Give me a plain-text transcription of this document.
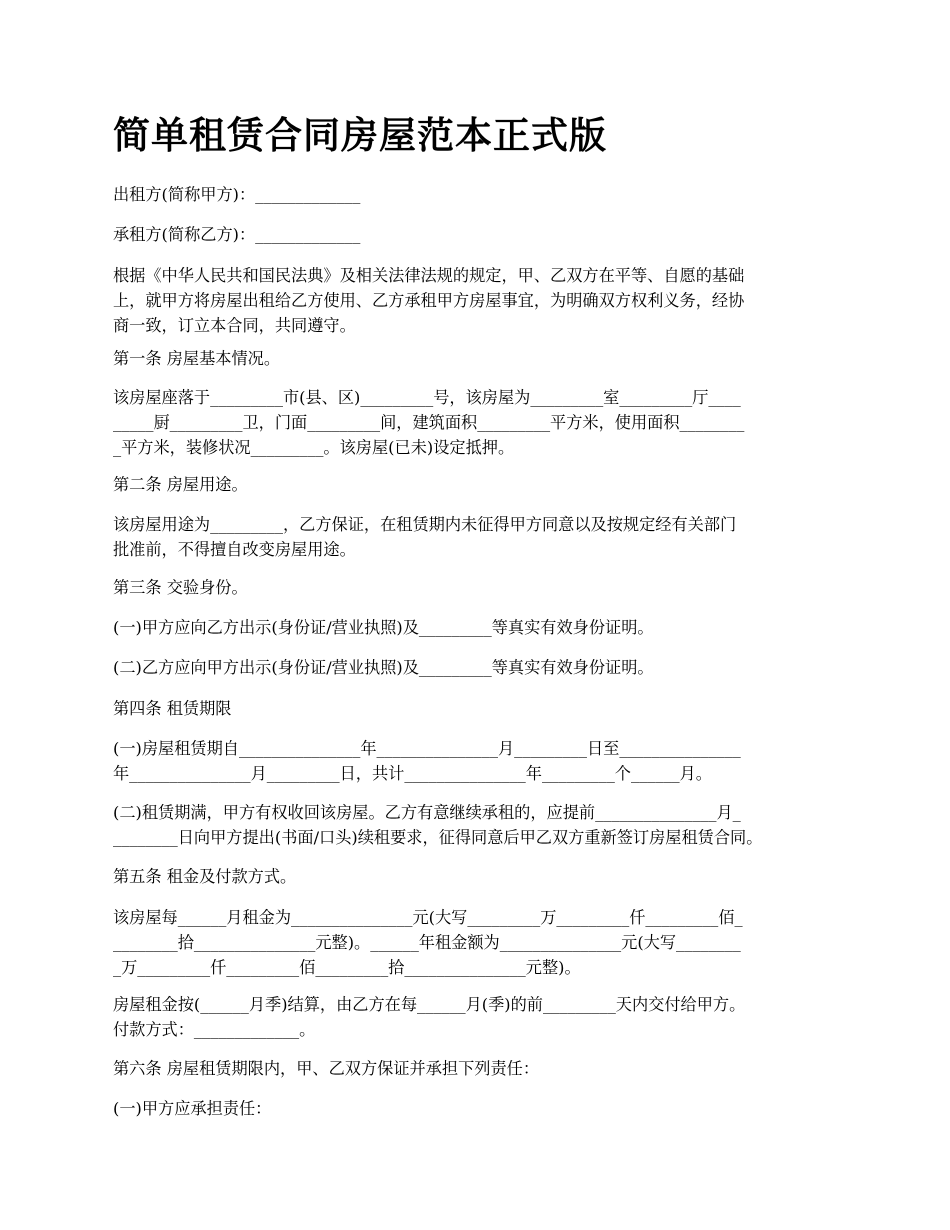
简单租赁合同房屋范本正式版
出租方(简称甲方)：_____________
承租方(简称乙方)：_____________
根据《中华人民共和国民法典》及相关法律法规的规定，甲、乙双方在平等、自愿的基础
上，就甲方将房屋出租给乙方使用、乙方承租甲方房屋事宜，为明确双方权利义务，经协
商一致，订立本合同，共同遵守。
第一条 房屋基本情况。
该房屋座落于_________市(县、区)_________号，该房屋为_________室_________厅____
_____厨_________卫，门面_________间，建筑面积_________平方米，使用面积________
_平方米，装修状况_________。该房屋(已未)设定抵押。
第二条 房屋用途。
该房屋用途为_________，乙方保证，在租赁期内未征得甲方同意以及按规定经有关部门
批准前，不得擅自改变房屋用途。
第三条 交验身份。
(一)甲方应向乙方出示(身份证/营业执照)及_________等真实有效身份证明。
(二)乙方应向甲方出示(身份证/营业执照)及_________等真实有效身份证明。
第四条 租赁期限
(一)房屋租赁期自_______________年_______________月_________日至_______________
年_______________月_________日，共计_______________年_________个______月。
(二)租赁期满，甲方有权收回该房屋。乙方有意继续承租的，应提前_______________月_
________日向甲方提出(书面/口头)续租要求，征得同意后甲乙双方重新签订房屋租赁合同。
第五条 租金及付款方式。
该房屋每______月租金为_______________元(大写_________万_________仟_________佰_
________拾_______________元整)。______年租金额为_______________元(大写________
_万_________仟_________佰_________拾_______________元整)。
房屋租金按(______月季)结算，由乙方在每______月(季)的前_________天内交付给甲方。
付款方式：_____________。
第六条 房屋租赁期限内，甲、乙双方保证并承担下列责任：
(一)甲方应承担责任：
